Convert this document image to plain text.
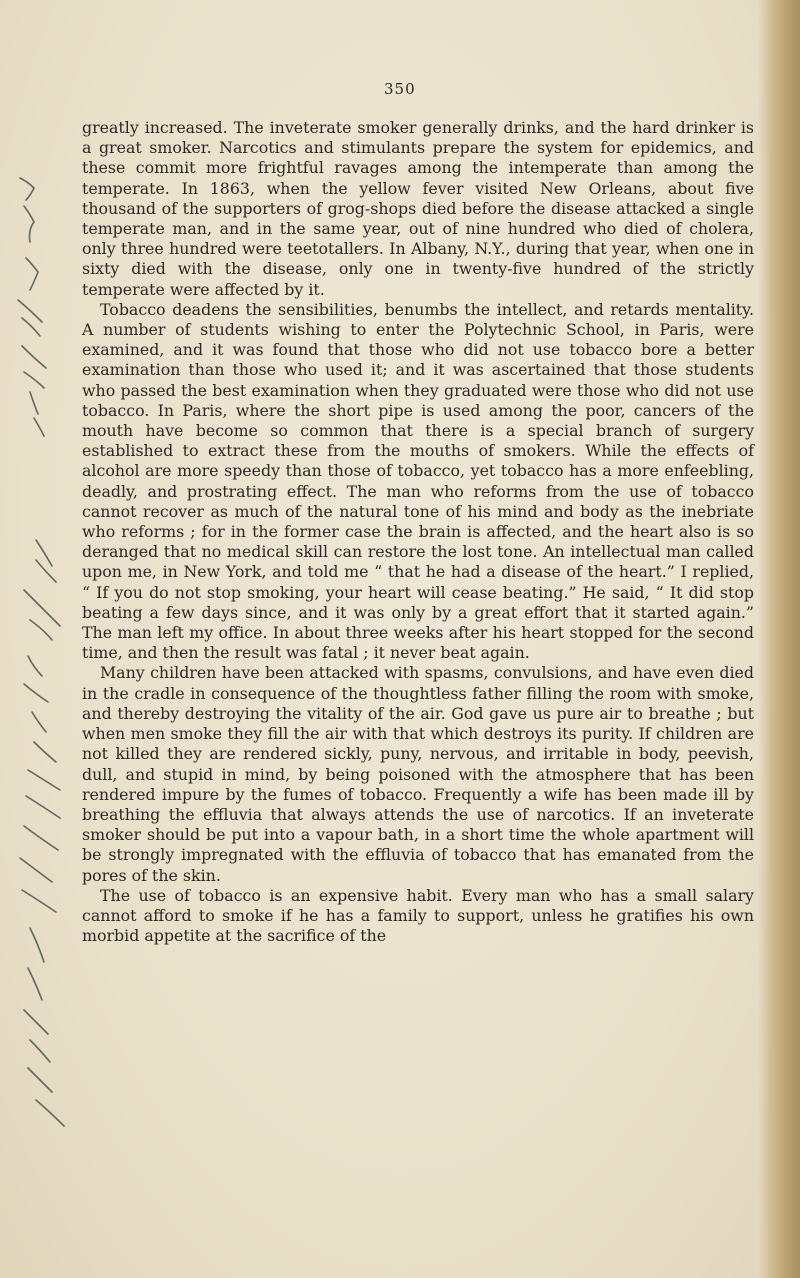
350

greatly increased. The inveterate smoker generally drinks, and the hard drinker is a great smoker. Narcotics and stimulants prepare the system for epidemics, and these commit more frightful ravages among the intemperate than among the temperate. In 1863, when the yellow fever visited New Orleans, about five thousand of the supporters of grog-shops died before the disease attacked a single temperate man, and in the same year, out of nine hundred who died of cholera, only three hundred were teetotallers. In Albany, N.Y., during that year, when one in sixty died with the disease, only one in twenty-five hundred of the strictly temperate were affected by it.

Tobacco deadens the sensibilities, benumbs the intellect, and retards mentality. A number of students wishing to enter the Polytechnic School, in Paris, were examined, and it was found that those who did not use tobacco bore a better examination than those who used it; and it was ascertained that those students who passed the best examination when they graduated were those who did not use tobacco. In Paris, where the short pipe is used among the poor, cancers of the mouth have become so common that there is a special branch of surgery established to extract these from the mouths of smokers. While the effects of alcohol are more speedy than those of tobacco, yet tobacco has a more enfeebling, deadly, and prostrating effect. The man who reforms from the use of tobacco cannot recover as much of the natural tone of his mind and body as the inebriate who reforms ; for in the former case the brain is affected, and the heart also is so deranged that no medical skill can restore the lost tone. An intellectual man called upon me, in New York, and told me “ that he had a disease of the heart.” I replied, “ If you do not stop smoking, your heart will cease beating.” He said, “ It did stop beating a few days since, and it was only by a great effort that it started again.” The man left my office. In about three weeks after his heart stopped for the second time, and then the result was fatal ; it never beat again.

Many children have been attacked with spasms, convulsions, and have even died in the cradle in consequence of the thoughtless father filling the room with smoke, and thereby destroying the vitality of the air. God gave us pure air to breathe ; but when men smoke they fill the air with that which destroys its purity. If children are not killed they are rendered sickly, puny, nervous, and irritable in body, peevish, dull, and stupid in mind, by being poisoned with the atmosphere that has been rendered impure by the fumes of tobacco. Frequently a wife has been made ill by breathing the effluvia that always attends the use of narcotics. If an inveterate smoker should be put into a vapour bath, in a short time the whole apartment will be strongly impregnated with the effluvia of tobacco that has emanated from the pores of the skin.

The use of tobacco is an expensive habit. Every man who has a small salary cannot afford to smoke if he has a family to support, unless he gratifies his own morbid appetite at the sacrifice of the
